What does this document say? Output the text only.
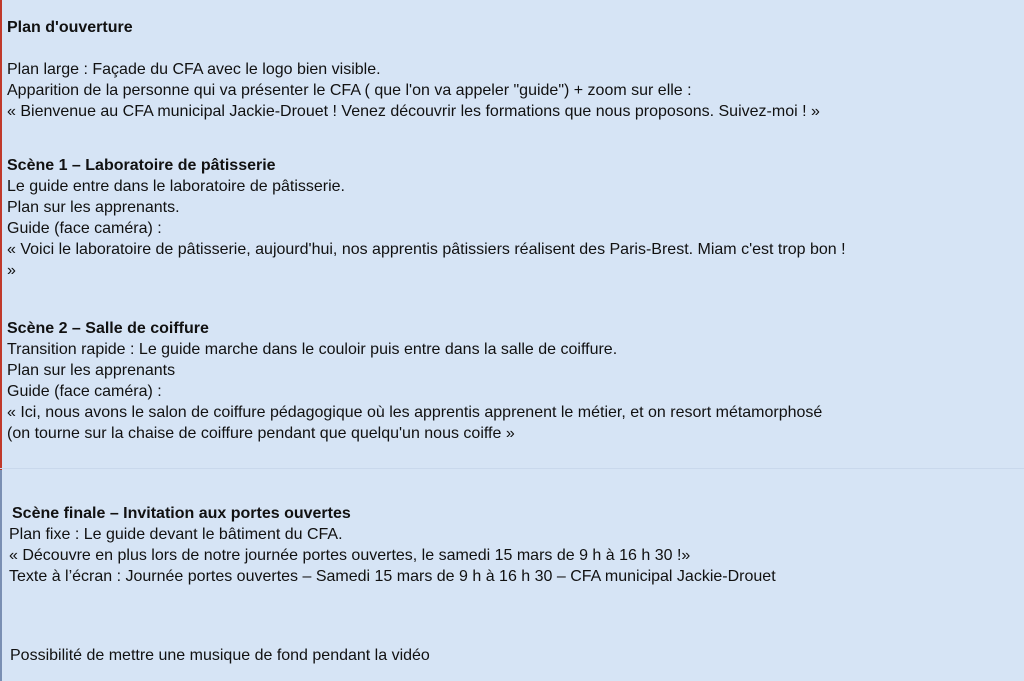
Plan d'ouverture

Plan large : Façade du CFA avec le logo bien visible.

Apparition de la personne qui va présenter le CFA ( que l'on va appeler "guide") + zoom sur elle :

« Bienvenue au CFA municipal Jackie-Drouet ! Venez découvrir les formations que nous proposons. Suivez-moi ! »

Scène 1 – Laboratoire de pâtisserie

Le guide entre dans le laboratoire de pâtisserie.

Plan sur les apprenants.

Guide (face caméra) :

« Voici le laboratoire de pâtisserie, aujourd'hui, nos apprentis pâtissiers réalisent des Paris-Brest. Miam c'est trop bon !

»

Scène 2 – Salle de coiffure

Transition rapide : Le guide marche dans le couloir puis entre dans la salle de coiffure.

Plan sur les apprenants

Guide (face caméra) :

« Ici, nous avons le salon de coiffure pédagogique où les apprentis apprenent le métier, et on resort métamorphosé

(on tourne sur la chaise de coiffure pendant que quelqu'un nous coiffe »

Scène finale – Invitation aux portes ouvertes

Plan fixe : Le guide devant le bâtiment du CFA.

« Découvre en plus lors de notre journée portes ouvertes, le samedi 15 mars de 9 h à 16 h 30 !»

Texte à l’écran : Journée portes ouvertes – Samedi 15 mars de 9 h à 16 h 30 – CFA municipal Jackie-Drouet

Possibilité de mettre une musique de fond pendant la vidéo
